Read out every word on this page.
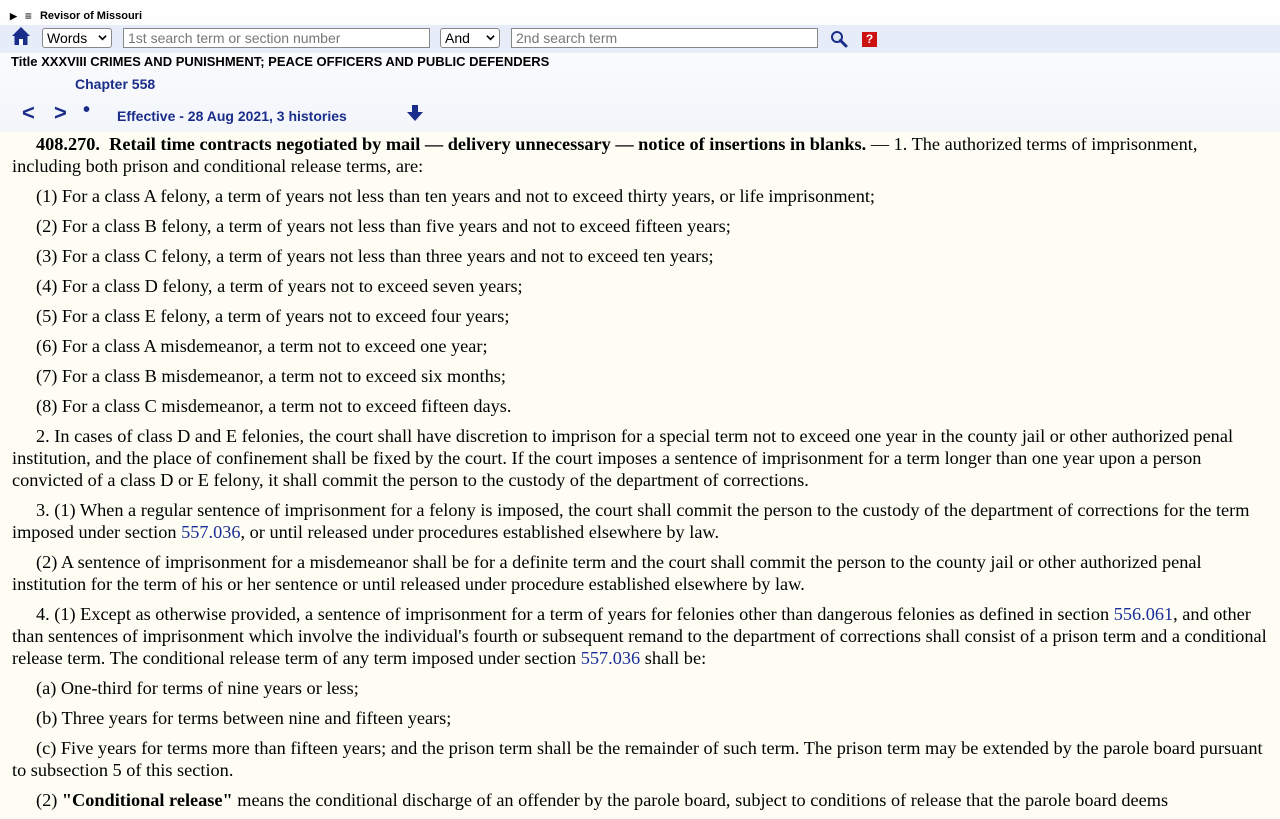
▶ ≡ Revisor of Missouri
Words
1st search term or section number	And
2nd search term	?
Title XXXVIII CRIMES AND PUNISHMENT; PEACE OFFICERS AND PUBLIC DEFENDERS
Chapter 558
< > • Effective - 28 Aug 2021, 3 histories

408.270. Retail time contracts negotiated by mail — delivery unnecessary — notice of insertions in blanks. — 1. The authorized terms of imprisonment, including both prison and conditional release terms, are:

(1) For a class A felony, a term of years not less than ten years and not to exceed thirty years, or life imprisonment;

(2) For a class B felony, a term of years not less than five years and not to exceed fifteen years;

(3) For a class C felony, a term of years not less than three years and not to exceed ten years;

(4) For a class D felony, a term of years not to exceed seven years;

(5) For a class E felony, a term of years not to exceed four years;

(6) For a class A misdemeanor, a term not to exceed one year;

(7) For a class B misdemeanor, a term not to exceed six months;

(8) For a class C misdemeanor, a term not to exceed fifteen days.

2. In cases of class D and E felonies, the court shall have discretion to imprison for a special term not to exceed one year in the county jail or other authorized penal institution, and the place of confinement shall be fixed by the court. If the court imposes a sentence of imprisonment for a term longer than one year upon a person convicted of a class D or E felony, it shall commit the person to the custody of the department of corrections.

3. (1) When a regular sentence of imprisonment for a felony is imposed, the court shall commit the person to the custody of the department of corrections for the term imposed under section 557.036, or until released under procedures established elsewhere by law.

(2) A sentence of imprisonment for a misdemeanor shall be for a definite term and the court shall commit the person to the county jail or other authorized penal institution for the term of his or her sentence or until released under procedure established elsewhere by law.

4. (1) Except as otherwise provided, a sentence of imprisonment for a term of years for felonies other than dangerous felonies as defined in section 556.061, and other than sentences of imprisonment which involve the individual's fourth or subsequent remand to the department of corrections shall consist of a prison term and a conditional release term. The conditional release term of any term imposed under section 557.036 shall be:

(a) One-third for terms of nine years or less;

(b) Three years for terms between nine and fifteen years;

(c) Five years for terms more than fifteen years; and the prison term shall be the remainder of such term. The prison term may be extended by the parole board pursuant to subsection 5 of this section.

(2) "Conditional release" means the conditional discharge of an offender by the parole board, subject to conditions of release that the parole board deems
